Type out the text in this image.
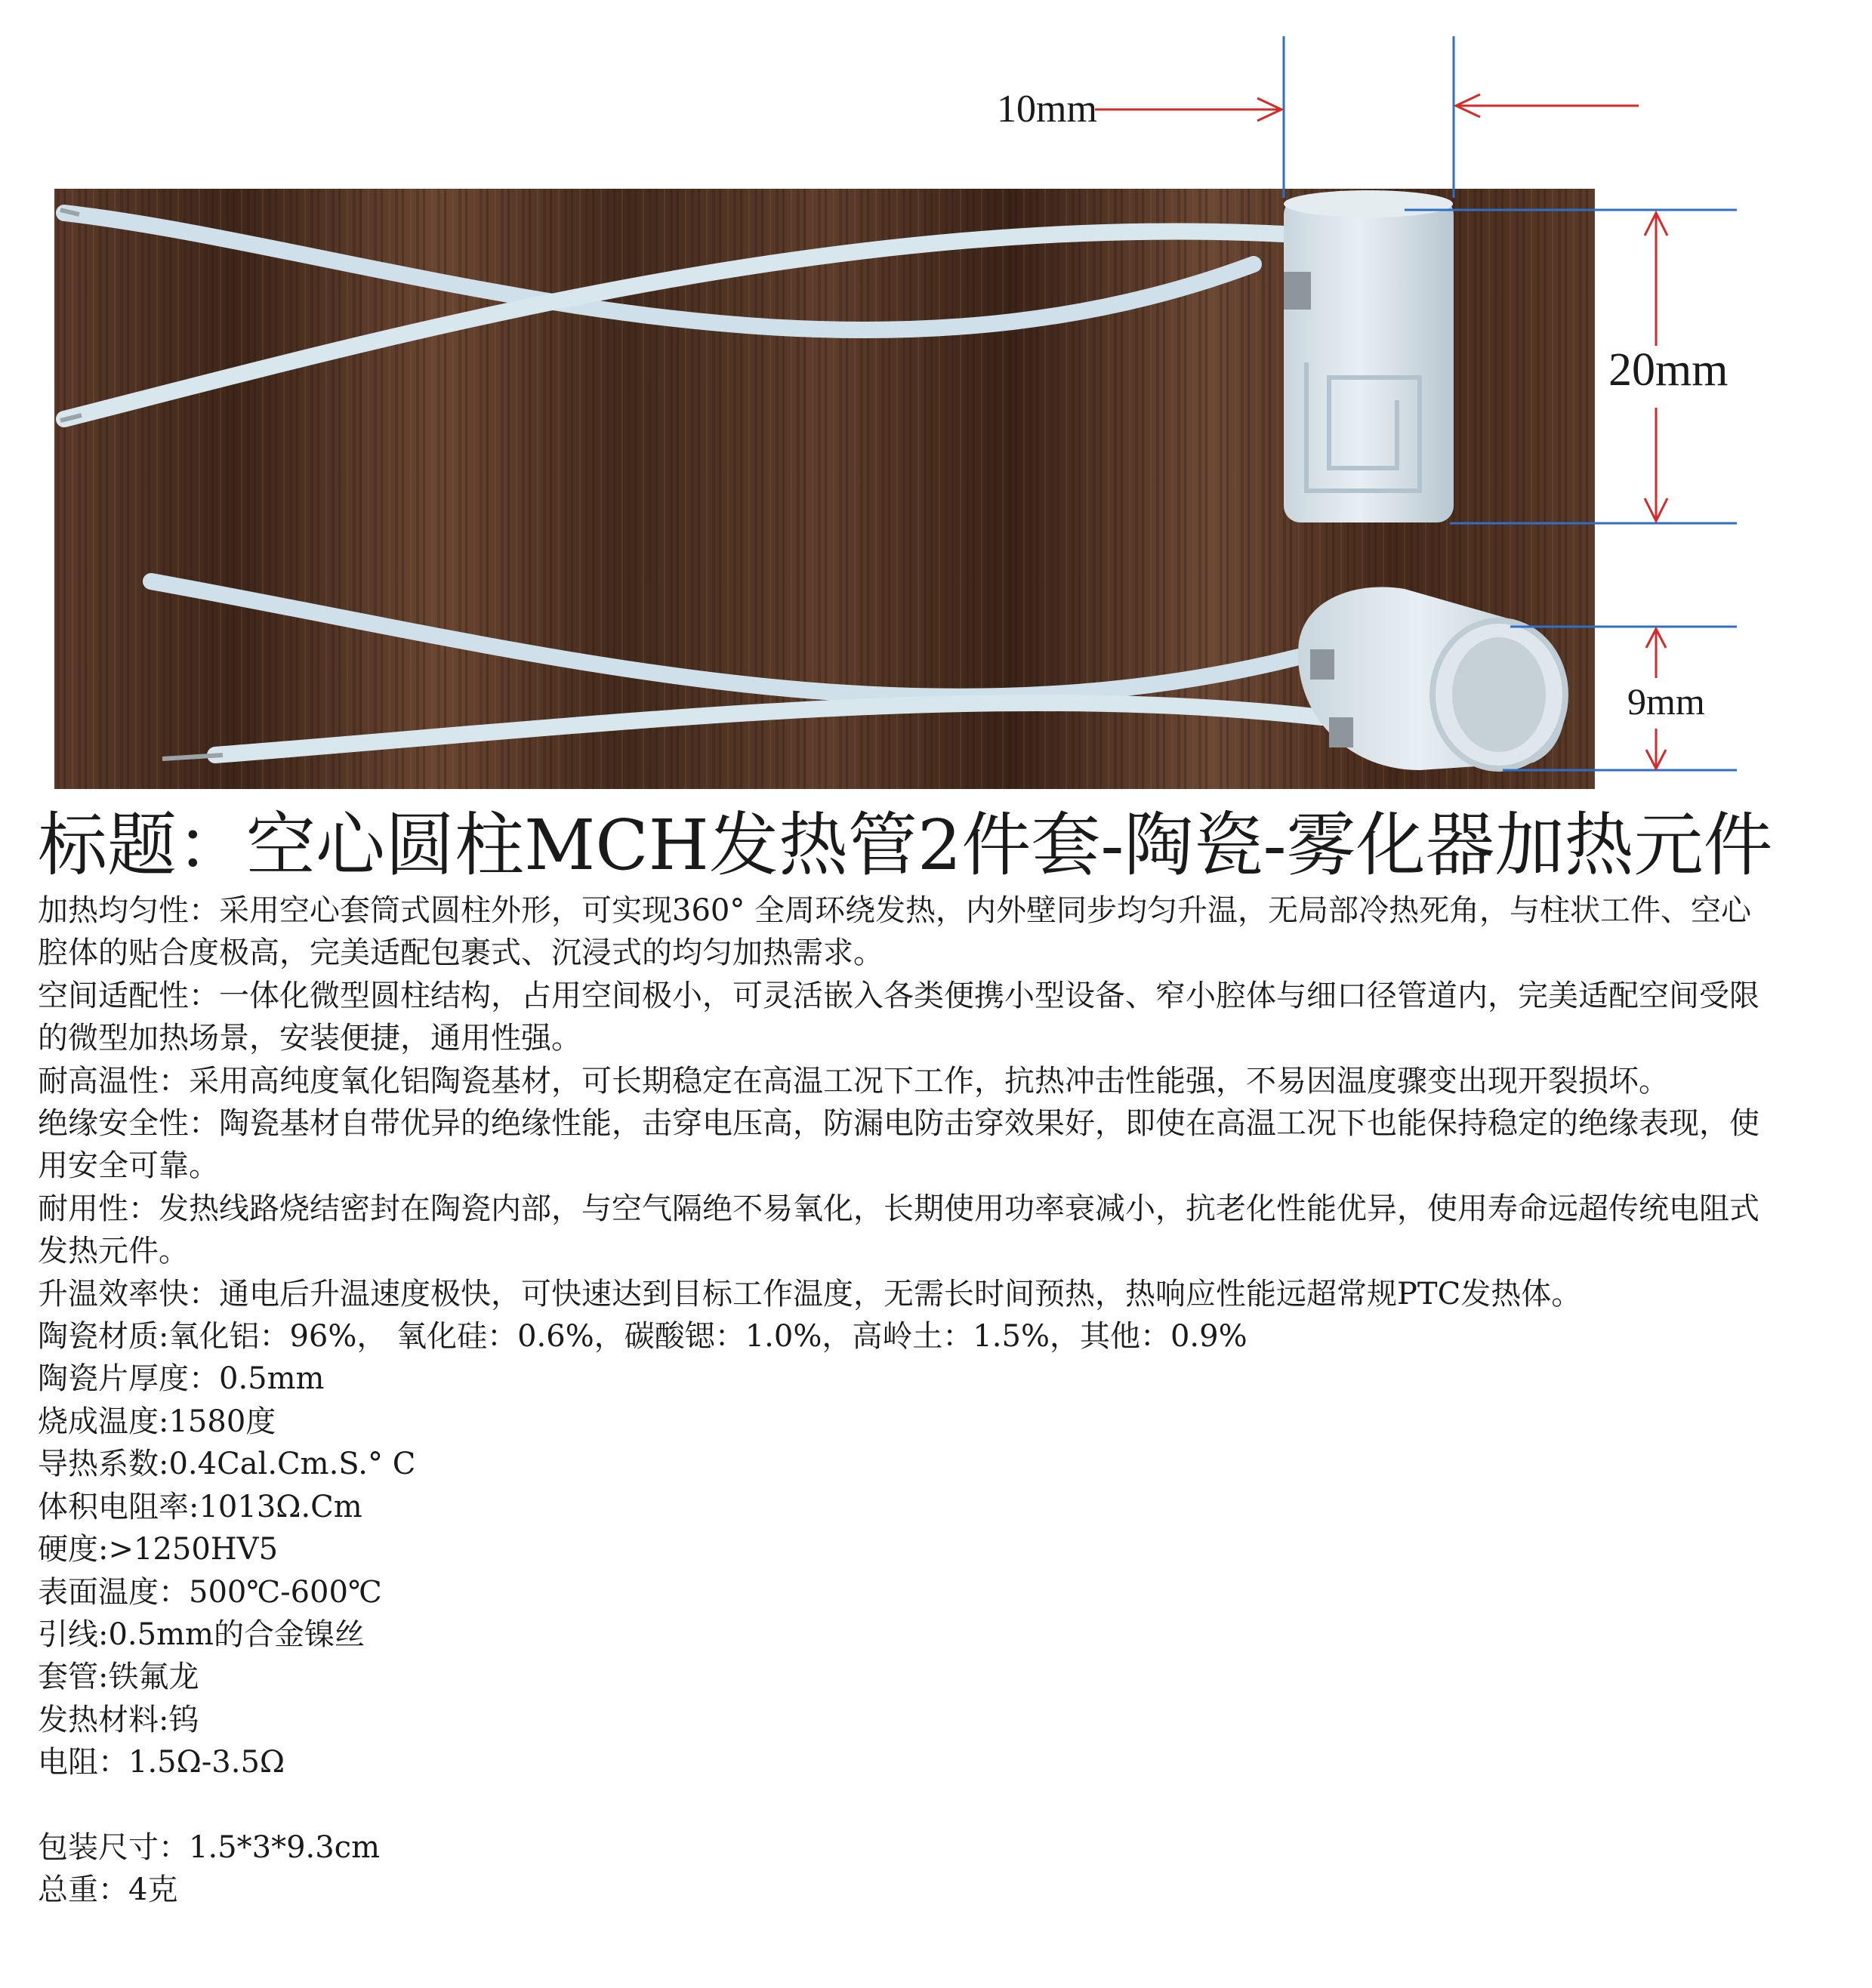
10mm
20mm
9mm
标题：空心圆柱MCH发热管2件套-陶瓷-雾化器加热元件

加热均匀性：采用空心套筒式圆柱外形，可实现360° 全周环绕发热，内外壁同步均匀升温，无局部冷热死角，与柱状工件、空心腔体的贴合度极高，完美适配包裹式、沉浸式的均匀加热需求。

空间适配性：一体化微型圆柱结构，占用空间极小，可灵活嵌入各类便携小型设备、窄小腔体与细口径管道内，完美适配空间受限的微型加热场景，安装便捷，通用性强。

耐高温性：采用高纯度氧化铝陶瓷基材，可长期稳定在高温工况下工作，抗热冲击性能强，不易因温度骤变出现开裂损坏。

绝缘安全性：陶瓷基材自带优异的绝缘性能，击穿电压高，防漏电防击穿效果好，即使在高温工况下也能保持稳定的绝缘表现，使用安全可靠。

耐用性：发热线路烧结密封在陶瓷内部，与空气隔绝不易氧化，长期使用功率衰减小，抗老化性能优异，使用寿命远超传统电阻式发热元件。

升温效率快：通电后升温速度极快，可快速达到目标工作温度，无需长时间预热，热响应性能远超常规PTC发热体。

陶瓷材质:氧化铝：96%， 氧化硅：0.6%，碳酸锶：1.0%，高岭土：1.5%，其他：0.9%

陶瓷片厚度：0.5mm

烧成温度:1580度

导热系数:0.4Cal.Cm.S.° C

体积电阻率:1013Ω.Cm

硬度:>1250HV5

表面温度：500℃-600℃

引线:0.5mm的合金镍丝

套管:铁氟龙

发热材料:钨

电阻：1.5Ω-3.5Ω

包装尺寸：1.5*3*9.3cm

总重：4克
